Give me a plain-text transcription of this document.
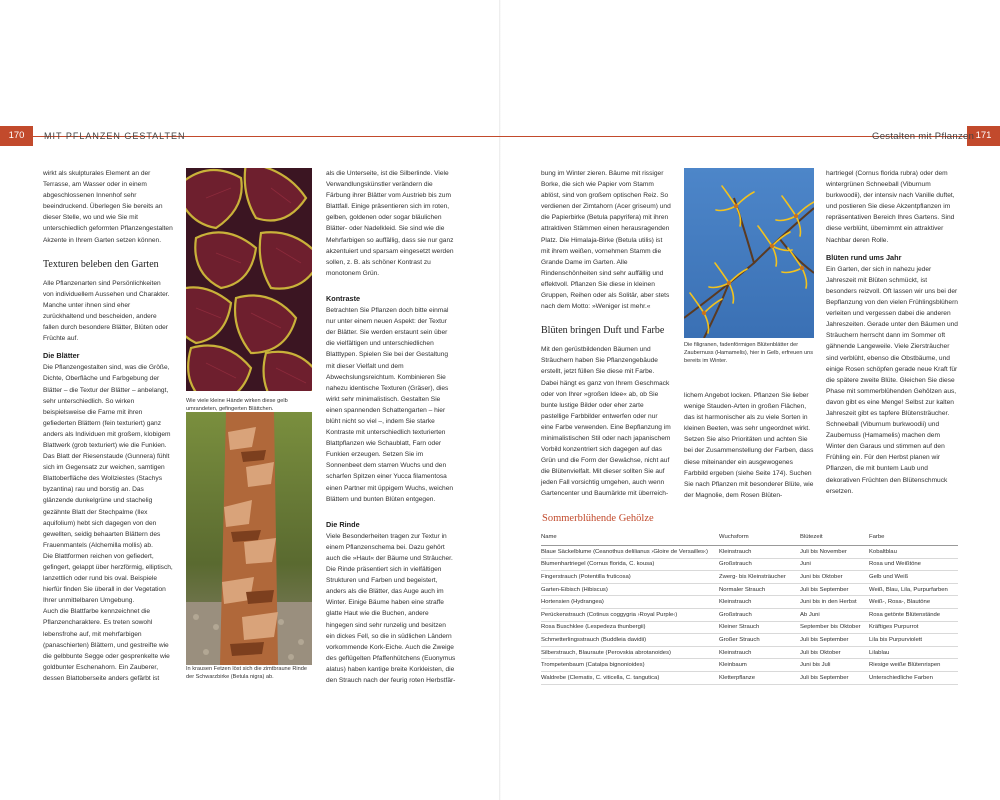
170	MIT PFLANZEN GESTALTEN

wirkt als skulpturales Element an der Terrasse, am Wasser oder in einem abgeschlossenen Innenhof sehr beeindruckend. Überlegen Sie bereits an dieser Stelle, wo und wie Sie mit unterschiedlich geformten Pflanzengestalten Akzente in Ihrem Garten setzen können.

Texturen beleben den Garten

Alle Pflanzenarten sind Persönlichkeiten von individuellem Aussehen und Charakter. Manche unter ihnen sind eher zurückhaltend und bescheiden, andere fallen durch besondere Blätter, Blüten oder Früchte auf.

Die Blätter

Die Pflanzengestalten sind, was die Größe, Dichte, Oberfläche und Farbgebung der Blätter – die Textur der Blätter – anbelangt, sehr unterschiedlich. So wirken beispielsweise die Farne mit ihren gefiederten Blättern (fein texturiert) ganz anders als Individuen mit großem, klobigem Blattwerk (grob texturiert) wie die Funkien. Das Blatt der Riesenstaude (Gunnera) fühlt sich im Gegensatz zur weichen, samtigen Blattoberfläche des Wollziestes (Stachys byzantina) rau und borstig an. Das glänzende dunkelgrüne und stachelig gezähnte Blatt der Stechpalme (Ilex aquifolium) hebt sich dagegen von den gewellten, seidig behaarten Blättern des Frauenmantels (Alchemilla mollis) ab.

Die Blattformen reichen von gefiedert, gefingert, gelappt über herzförmig, elliptisch, lanzettlich oder rund bis oval. Beispiele hierfür finden Sie überall in der Vegetation Ihrer unmittelbaren Umgebung.

Auch die Blattfarbe kennzeichnet die Pflanzencharaktere. Es treten sowohl lebensfrohe auf, mit mehrfarbigen (panaschierten) Blättern, und gestreifte wie die gelbbunte Segge oder gesprenkelte wie goldbunter Eschenahorn. Ein Zauberer, dessen Blattoberseite anders gefärbt ist

Wie viele kleine Hände wirken diese gelb umrandeten, gefingerten Blättchen.
In krausen Fetzen löst sich die zimtbraune Rinde der Schwarzbirke (Betula nigra) ab.

als die Unterseite, ist die Silberlinde. Viele Verwandlungskünstler verändern die Färbung ihrer Blätter vom Austrieb bis zum Blattfall. Einige präsentieren sich im roten, gelben, goldenen oder sogar bläulichen Blätter- oder Nadelkleid. Sie sind wie die Mehrfarbigen so auffällig, dass sie nur ganz akzentuiert und sparsam eingesetzt werden sollen, z. B. als schöner Kontrast zu monotonem Grün.

Kontraste

Betrachten Sie Pflanzen doch bitte einmal nur unter einem neuen Aspekt: der Textur der Blätter. Sie werden erstaunt sein über die vielfältigen und unterschiedlichen Blatttypen. Spielen Sie bei der Gestaltung mit dieser Vielfalt und dem Abwechslungsreichtum. Kombinieren Sie nahezu identische Texturen (Gräser), dies wirkt sehr minimalistisch. Gestalten Sie einen spannenden Schattengarten – hier blüht nicht so viel –, indem Sie starke Kontraste mit unterschiedlich texturierten Blattpflanzen wie Schaublatt, Farn oder Funkien erzeugen. Setzen Sie im Sonnenbeet dem starren Wuchs und den scharfen Spitzen einer Yucca filamentosa einen Partner mit üppigem Wuchs, weichen Blättern und bunten Blüten entgegen.

Die Rinde

Viele Besonderheiten tragen zur Textur in einem Pflanzenschema bei. Dazu gehört auch die »Haut« der Bäume und Sträucher. Die Rinde präsentiert sich in vielfältigen Strukturen und Farben und begeistert, anders als die Blätter, das Auge auch im Winter. Einige Bäume haben eine straffe glatte Haut wie die Buchen, andere hingegen sind sehr runzelig und besitzen ein dickes Fell, so die in südlichen Ländern vorkommende Kork-Eiche. Auch die Zweige des geflügelten Pfaffenhütchens (Euonymus alatus) haben kantige breite Korkleisten, die den Strauch nach der feurig roten Herbstfär-

171
Gestalten mit Pflanzen

bung im Winter zieren. Bäume mit rissiger Borke, die sich wie Papier vom Stamm ablöst, sind von großem optischen Reiz. So verdienen der Zimtahorn (Acer griseum) und die Papierbirke (Betula papyrifera) mit ihren attraktiven Stämmen einen herausragenden Platz. Die Himalaja-Birke (Betula utilis) ist mit ihrem weißen, vornehmen Stamm die Grande Dame im Garten. Alle Rindenschönheiten sind sehr auffällig und effektvoll. Pflanzen Sie diese in kleinen Gruppen, Reihen oder als Solitär, aber stets nach dem Motto: »Weniger ist mehr.«

Blüten bringen Duft und Farbe

Mit den gerüstbildenden Bäumen und Sträuchern haben Sie Pflanzengebäude erstellt, jetzt füllen Sie diese mit Farbe. Dabei hängt es ganz von Ihrem Geschmack oder von Ihrer »großen Idee« ab, ob Sie bunte lustige Bilder oder eher zarte pastellige Farbbilder entwerfen oder nur eine Farbe verwenden. Eine Bepflanzung im minimalistischen Stil oder nach japanischem Vorbild konzentriert sich dagegen auf das Grün und die Form der Gewächse, nicht auf die Blütenvielfalt. Mit dieser sollten Sie auf jeden Fall vorsichtig umgehen, auch wenn Gartencenter und Baumärkte mit überreich-

Die filigranen, fadenförmigen Blütenblätter der Zaubernuss (Hamamelis), hier in Gelb, erfreuen uns bereits im Winter.

lichem Angebot locken. Pflanzen Sie lieber wenige Stauden-Arten in großen Flächen, das ist harmonischer als zu viele Sorten in kleinen Beeten, was sehr ungeordnet wirkt. Setzen Sie also Prioritäten und achten Sie bei der Zusammenstellung der Farben, dass diese miteinander ein ausgewogenes Farbbild ergeben (siehe Seite 174). Suchen Sie nach Pflanzen mit besonderer Blüte, wie der Magnolie, dem Rosen Blüten-

hartriegel (Cornus florida rubra) oder dem wintergrünen Schneeball (Viburnum burkwoodii), der intensiv nach Vanille duftet, und postieren Sie diese Akzentpflanzen im repräsentativen Bereich Ihres Gartens. Sind diese verblüht, übernimmt ein attraktiver Nachbar deren Rolle.

Blüten rund ums Jahr

Ein Garten, der sich in nahezu jeder Jahreszeit mit Blüten schmückt, ist besonders reizvoll. Oft lassen wir uns bei der Bepflanzung von den vielen Frühlingsblühern verleiten und vergessen dabei die anderen Jahreszeiten. Gerade unter den Bäumen und Sträuchern herrscht dann im Sommer oft gähnende Langeweile. Viele Ziersträucher sind verblüht, ebenso die Obstbäume, und einige Rosen schöpfen gerade neue Kraft für die spätere zweite Blüte. Gleichen Sie diese Phase mit sommerblühenden Gehölzen aus, davon gibt es eine Menge! Selbst zur kalten Jahreszeit gibt es tapfere Blütensträucher. Schneeball (Viburnum burkwoodii) und Zaubernuss (Hamamelis) machen dem Winter den Garaus und stimmen auf den Frühling ein. Für den Herbst planen wir Pflanzen, die mit buntem Laub und dekorativen Früchten den Blütenschmuck ersetzen.

Sommerblühende Gehölze
Name	Wuchsform	Blütezeit	Farbe
Blaue Säckelblume (Ceanothus delilianus ›Gloire de Versailles‹)	Kleinstrauch	Juli bis November	Kobaltblau
Blumenhartriegel (Cornus florida, C. kousa)	Großstrauch	Juni	Rosa und Weißtöne
Fingerstrauch (Potentilla fruticosa)	Zwerg- bis Kleinsträucher	Juni bis Oktober	Gelb und Weiß
Garten-Eibisch (Hibiscus)	Normaler Strauch	Juli bis September	Weiß, Blau, Lila, Purpurfarben
Hortensien (Hydrangea)	Kleinstrauch	Juni bis in den Herbst	Weiß-, Rosa-, Blautöne
Perückenstrauch (Cotinus coggygria ›Royal Purple‹)	Großstrauch	Ab Juni	Rosa getönte Blütenstände
Rosa Buschklee (Lespedeza thunbergii)	Kleiner Strauch	September bis Oktober	Kräftiges Purpurrot
Schmetterlingsstrauch (Buddleia davidii)	Großer Strauch	Juli bis September	Lila bis Purpurviolett
Silberstrauch, Blauraute (Perovskia abrotanoides)	Kleinstrauch	Juli bis Oktober	Lilablau
Trompetenbaum (Catalpa bignonioides)	Kleinbaum	Juni bis Juli	Riesige weiße Blütenrispen
Waldrebe (Clematis, C. viticella, C. tangutica)	Kletterpflanze	Juli bis September	Unterschiedliche Farben
